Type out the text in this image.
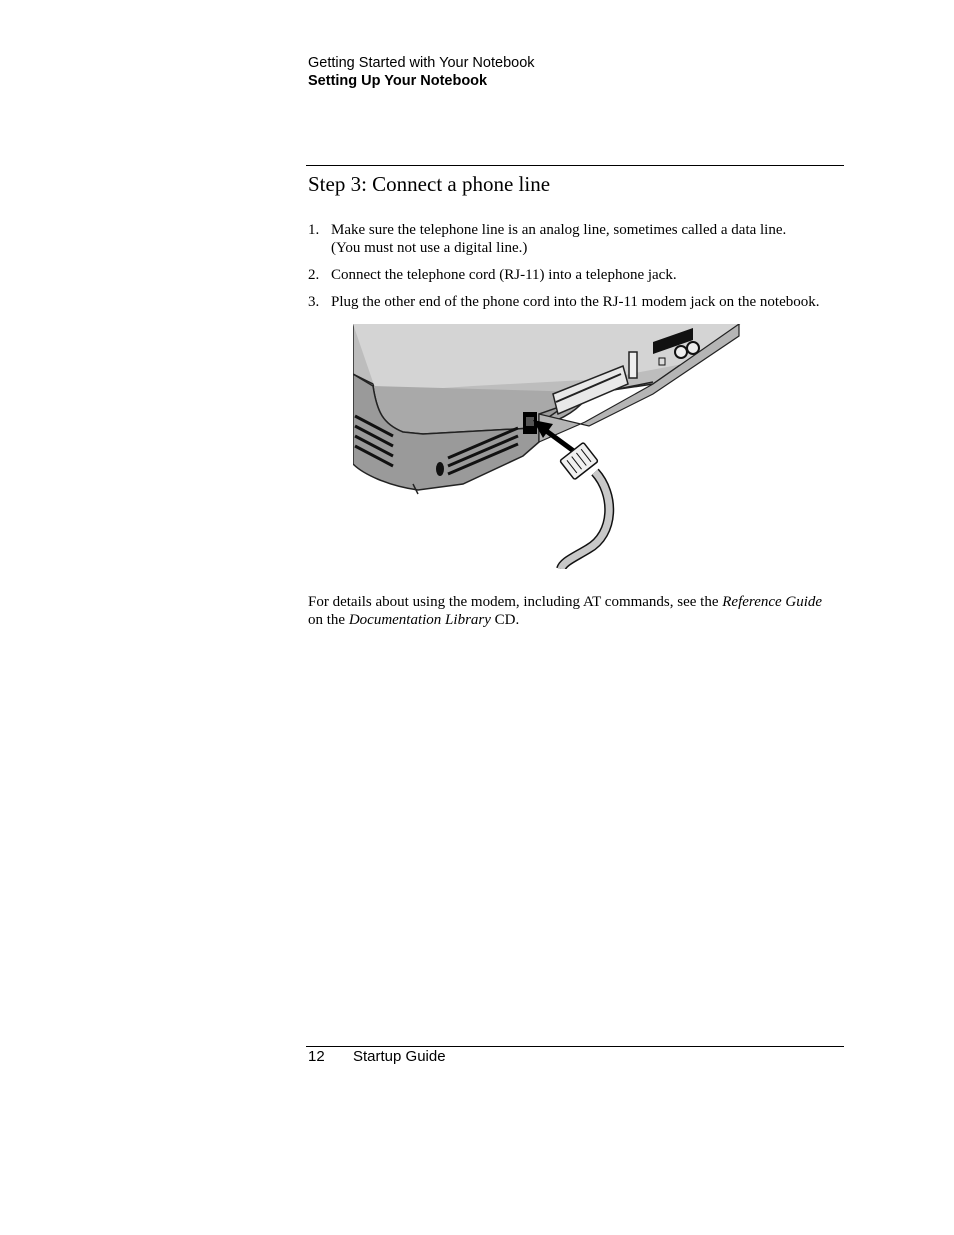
Getting Started with Your Notebook
Setting Up Your Notebook
Step 3: Connect a phone line
1. Make sure the telephone line is an analog line, sometimes called a data line.
(You must not use a digital line.)
2. Connect the telephone cord (RJ-11) into a telephone jack.
3. Plug the other end of the phone cord into the RJ-11 modem jack on the notebook.
For details about using the modem, including AT commands, see the Reference Guide on the Documentation Library CD.
12 Startup Guide
